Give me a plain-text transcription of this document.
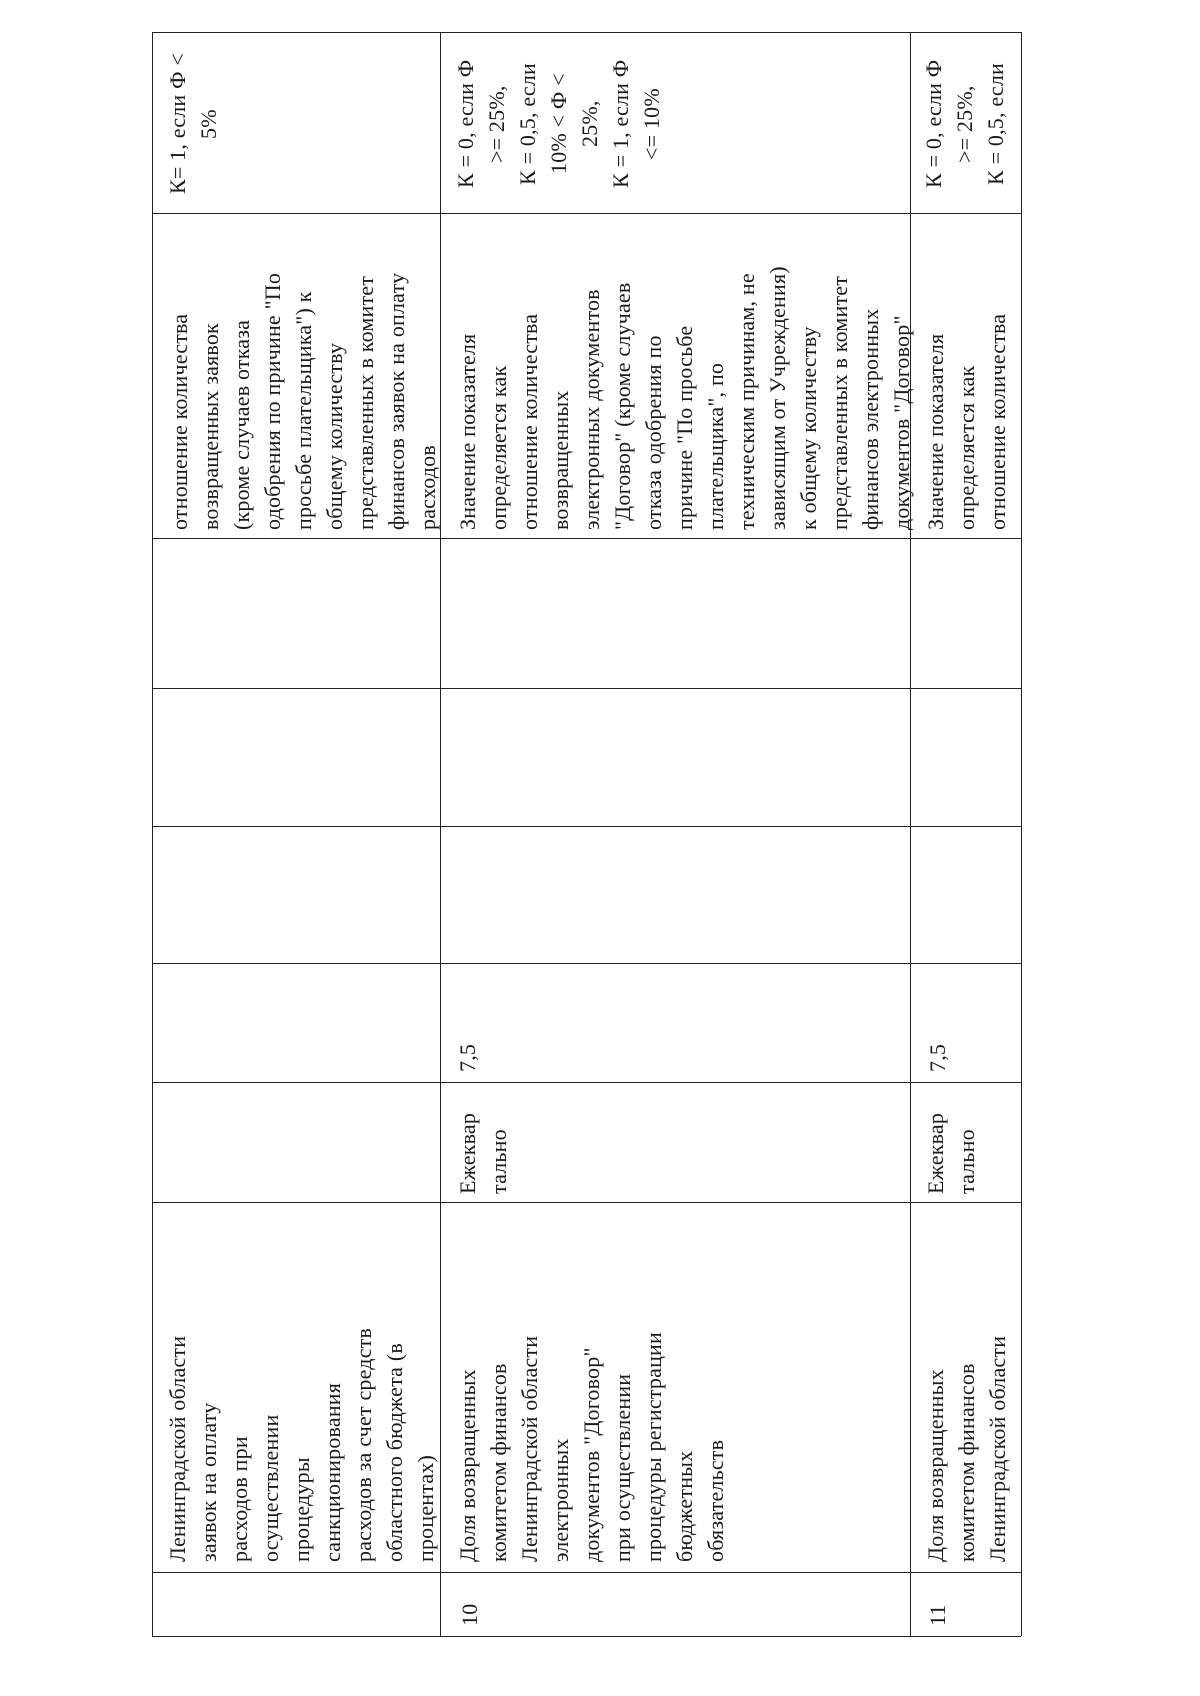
Ленинградской области
заявок на оплату
расходов при
осуществлении
процедуры
санкционирования
расходов за счет средств
областного бюджета (в
процентах)
отношение количества
возвращенных заявок
(кроме случаев отказа
одобрения по причине "По
просьбе плательщика") к
общему количеству
представленных в комитет
финансов заявок на оплату
расходов
К= 1, если Ф <
5%
10
Доля возвращенных
комитетом финансов
Ленинградской области
электронных
документов "Договор"
при осуществлении
процедуры регистрации
бюджетных
обязательств
Ежеквар
тально
7,5
Значение показателя
определяется как
отношение количества
возвращенных
электронных документов
"Договор" (кроме случаев
отказа одобрения по
причине "По просьбе
плательщика", по
техническим причинам, не
зависящим от Учреждения)
к общему количеству
представленных в комитет
финансов электронных
документов "Договор"
К = 0, если Ф
>= 25%,
К = 0,5, если
10% < Ф <
25%,
К = 1, если Ф
<= 10%
11
Доля возвращенных
комитетом финансов
Ленинградской области
Ежеквар
тально
7,5
Значение показателя
определяется как
отношение количества
К = 0, если Ф
>= 25%,
К = 0,5, если
